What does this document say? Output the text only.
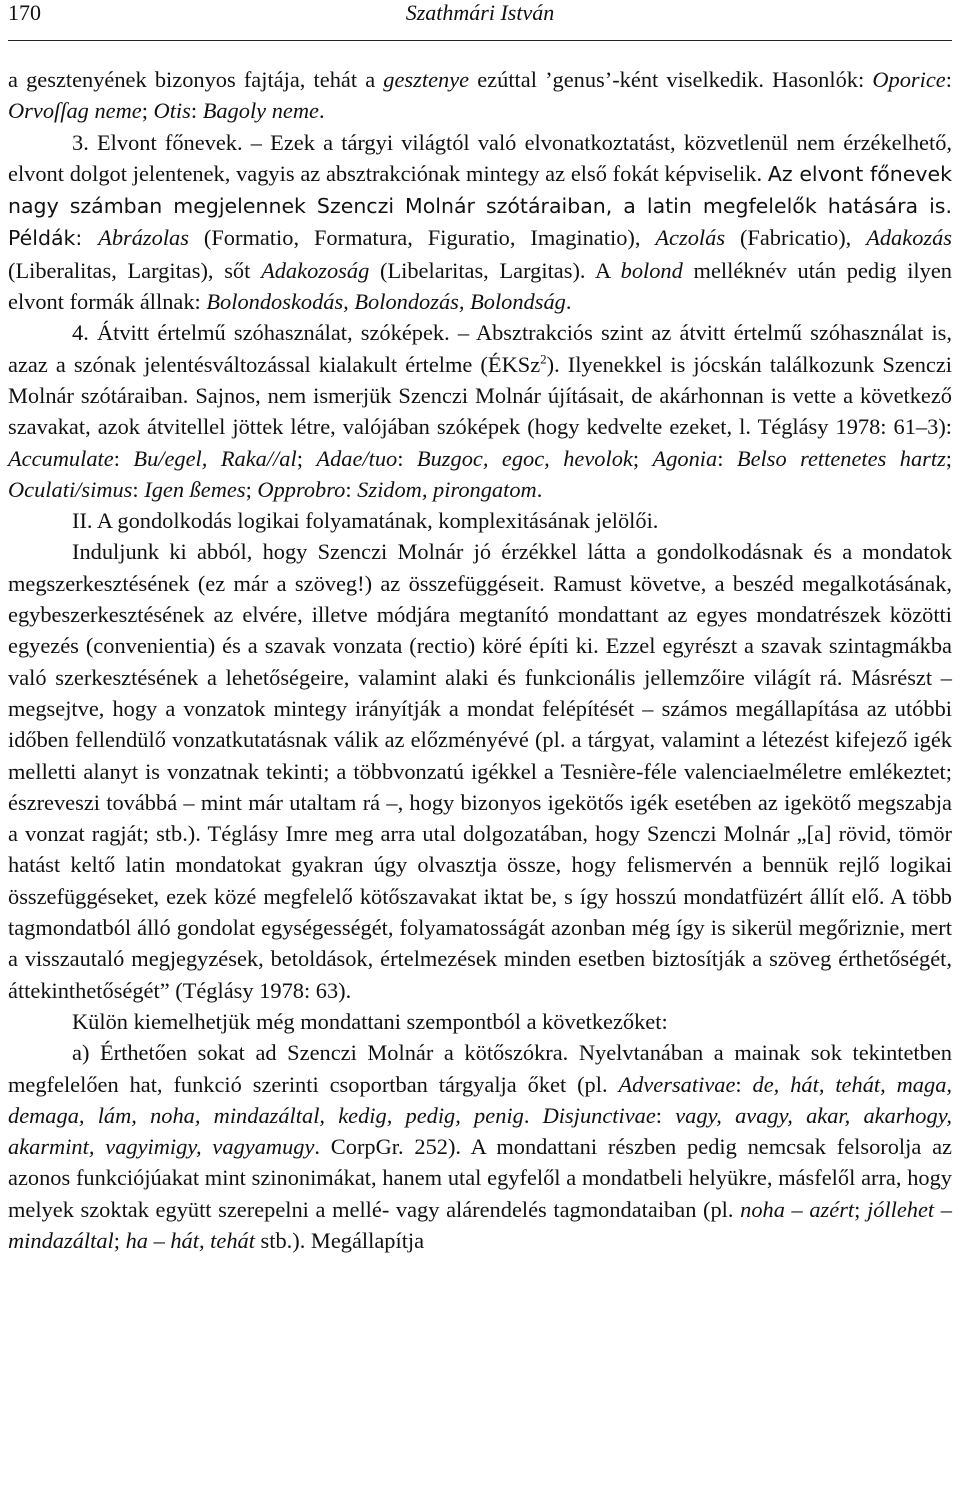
170	Szathmári István

a gesztenyének bizonyos fajtája, tehát a gesztenye ezúttal ’genus’-ként viselkedik. Hasonlók: Oporice: Orvoſſag neme; Otis: Bagoly neme.

3. Elvont főnevek. – Ezek a tárgyi világtól való elvonatkoztatást, közvetlenül nem érzékelhető, elvont dolgot jelentenek, vagyis az absztrakciónak mintegy az első fokát képviselik. Az elvont főnevek nagy számban megjelennek Szenczi Molnár szótáraiban, a latin megfelelők hatására is. Példák: Abrázolas (Formatio, Formatura, Figuratio, Imaginatio), Aczolás (Fabricatio), Adakozás (Liberalitas, Largitas), sőt Adakozoság (Libelaritas, Largitas). A bolond melléknév után pedig ilyen elvont formák állnak: Bolondoskodás, Bolondozás, Bolondság.

4. Átvitt értelmű szóhasználat, szóképek. – Absztrakciós szint az átvitt értelmű szóhasználat is, azaz a szónak jelentésváltozással kialakult értelme (ÉKSz$^2$). Ilyenekkel is jócskán találkozunk Szenczi Molnár szótáraiban. Sajnos, nem ismerjük Szenczi Molnár újításait, de akárhonnan is vette a következő szavakat, azok átvitellel jöttek létre, valójában szóképek (hogy kedvelte ezeket, l. Téglásy 1978: 61–3): Accumulate: Bu/egel, Raka//al; Adae/tuo: Buzgoc, egoc, hevolok; Agonia: Belso rettenetes hartz; Oculati/simus: Igen ßemes; Opprobro: Szidom, pirongatom.

II. A gondolkodás logikai folyamatának, komplexitásának jelölői.

Induljunk ki abból, hogy Szenczi Molnár jó érzékkel látta a gondolkodásnak és a mondatok megszerkesztésének (ez már a szöveg!) az összefüggéseit. Ramust követve, a beszéd megalkotásának, egybeszerkesztésének az elvére, illetve módjára megtanító mondattant az egyes mondatrészek közötti egyezés (convenientia) és a szavak vonzata (rectio) köré építi ki. Ezzel egyrészt a szavak szintagmákba való szerkesztésének a lehetőségeire, valamint alaki és funkcionális jellemzőire világít rá. Másrészt – megsejtve, hogy a vonzatok mintegy irányítják a mondat felépítését – számos megállapítása az utóbbi időben fellendülő vonzatkutatásnak válik az előzményévé (pl. a tárgyat, valamint a létezést kifejező igék melletti alanyt is vonzatnak tekinti; a többvonzatú igékkel a Tesnière-féle valenciaelméletre emlékeztet; észreveszi továbbá – mint már utaltam rá –, hogy bizonyos igekötős igék esetében az igekötő megszabja a vonzat ragját; stb.). Téglásy Imre meg arra utal dolgozatában, hogy Szenczi Molnár „[a] rövid, tömör hatást keltő latin mondatokat gyakran úgy olvasztja össze, hogy felismervén a bennük rejlő logikai összefüggéseket, ezek közé megfelelő kötőszavakat iktat be, s így hosszú mondatfüzért állít elő. A több tagmondatból álló gondolat egységességét, folyamatosságát azonban még így is sikerül megőriznie, mert a visszautaló megjegyzések, betoldások, értelmezések minden esetben biztosítják a szöveg érthetőségét, áttekinthetőségét” (Téglásy 1978: 63).

Külön kiemelhetjük még mondattani szempontból a következőket:

a) Érthetően sokat ad Szenczi Molnár a kötőszókra. Nyelvtanában a mainak sok tekintetben megfelelően hat, funkció szerinti csoportban tárgyalja őket (pl. Adversativae: de, hát, tehát, maga, demaga, lám, noha, mindazáltal, kedig, pedig, penig. Disjunctivae: vagy, avagy, akar, akarhogy, akarmint, vagyimigy, vagyamugy. CorpGr. 252). A mondattani részben pedig nemcsak felsorolja az azonos funkciójúakat mint szinonimákat, hanem utal egyfelől a mondatbeli helyükre, másfelől arra, hogy melyek szoktak együtt szerepelni a mellé- vagy alárendelés tagmondataiban (pl. noha – azért; jóllehet – mindazáltal; ha – hát, tehát stb.). Megállapítja
